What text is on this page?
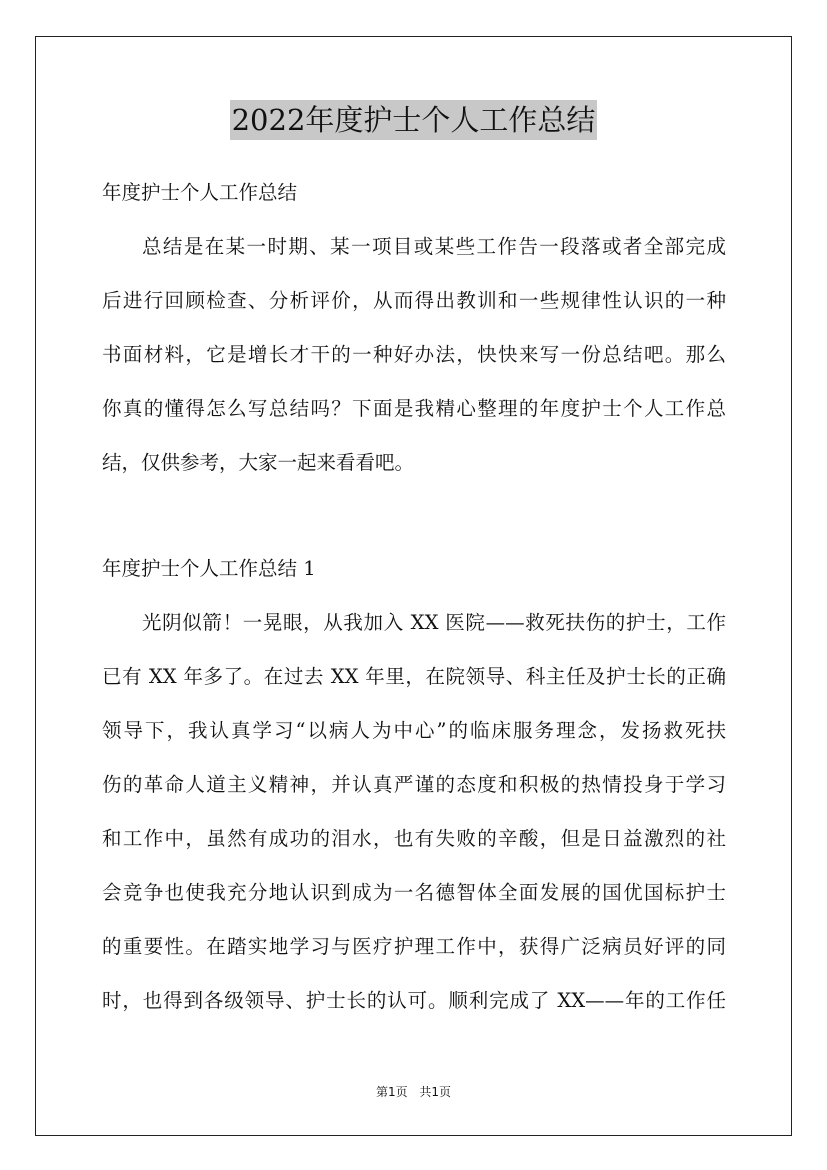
2022年度护士个人工作总结

年度护士个人工作总结

总结是在某一时期、某一项目或某些工作告一段落或者全部完成

后进行回顾检查、分析评价，从而得出教训和一些规律性认识的一种

书面材料，它是增长才干的一种好办法，快快来写一份总结吧。那么

你真的懂得怎么写总结吗？下面是我精心整理的年度护士个人工作总

结，仅供参考，大家一起来看看吧。

年度护士个人工作总结 1

光阴似箭！一晃眼，从我加入 XX 医院——救死扶伤的护士，工作

已有 XX 年多了。在过去 XX 年里，在院领导、科主任及护士长的正确

领导下，我认真学习“以病人为中心”的临床服务理念，发扬救死扶

伤的革命人道主义精神，并认真严谨的态度和积极的热情投身于学习

和工作中，虽然有成功的泪水，也有失败的辛酸，但是日益激烈的社

会竞争也使我充分地认识到成为一名德智体全面发展的国优国标护士

的重要性。在踏实地学习与医疗护理工作中，获得广泛病员好评的同

时，也得到各级领导、护士长的认可。顺利完成了 XX——年的工作任

第1页 共1页
